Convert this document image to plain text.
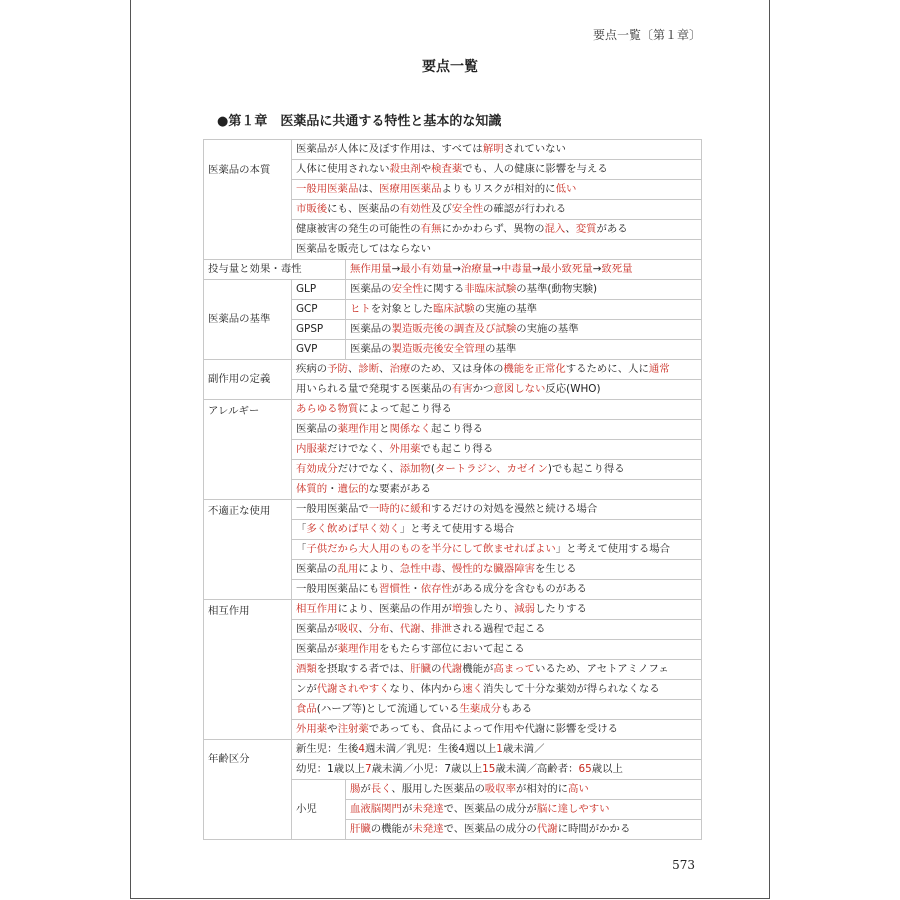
要点一覧〔第１章〕
要点一覧
●第１章　医薬品に共通する特性と基本的な知識
医薬品の本質	医薬品が人体に及ぼす作用は、すべては解明されていない	
	人体に使用されない殺虫剤や検査薬でも、人の健康に影響を与える	
	一般用医薬品は、医療用医薬品よりもリスクが相対的に低い	
	市販後にも、医薬品の有効性及び安全性の確認が行われる	
	健康被害の発生の可能性の有無にかかわらず、異物の混入、変質がある	
	医薬品を販売してはならない	
投与量と効果・毒性		無作用量→最小有効量→治療量→中毒量→最小致死量→致死量
医薬品の基準	GLP	医薬品の安全性に関する非臨床試験の基準(動物実験)
	GCP	ヒトを対象とした臨床試験の実施の基準
	GPSP	医薬品の製造販売後の調査及び試験の実施の基準
	GVP	医薬品の製造販売後安全管理の基準
副作用の定義	疾病の予防、診断、治療のため、又は身体の機能を正常化するために、人に通常	
	用いられる量で発現する医薬品の有害かつ意図しない反応(WHO)	
アレルギー	あらゆる物質によって起こり得る	
	医薬品の薬理作用と関係なく起こり得る	
	内服薬だけでなく、外用薬でも起こり得る	
	有効成分だけでなく、添加物(タートラジン、カゼイン)でも起こり得る	
	体質的・遺伝的な要素がある	
不適正な使用	一般用医薬品で一時的に緩和するだけの対処を漫然と続ける場合	
	「多く飲めば早く効く」と考えて使用する場合	
	「子供だから大人用のものを半分にして飲ませればよい」と考えて使用する場合	
	医薬品の乱用により、急性中毒、慢性的な臓器障害を生じる	
	一般用医薬品にも習慣性・依存性がある成分を含むものがある	
相互作用	相互作用により、医薬品の作用が増強したり、減弱したりする	
	医薬品が吸収、分布、代謝、排泄される過程で起こる	
	医薬品が薬理作用をもたらす部位において起こる	
	酒類を摂取する者では、肝臓の代謝機能が高まっているため、アセトアミノフェ	
	ンが代謝されやすくなり、体内から速く消失して十分な薬効が得られなくなる	
	食品(ハーブ等)として流通している生薬成分もある	
	外用薬や注射薬であっても、食品によって作用や代謝に影響を受ける	
年齢区分	新生児：生後4週未満／乳児：生後4週以上1歳未満／	
	幼児：1歳以上7歳未満／小児：7歳以上15歳未満／高齢者：65歳以上	
	小児	腸が長く、服用した医薬品の吸収率が相対的に高い
		血液脳関門が未発達で、医薬品の成分が脳に達しやすい
		肝臓の機能が未発達で、医薬品の成分の代謝に時間がかかる
573
